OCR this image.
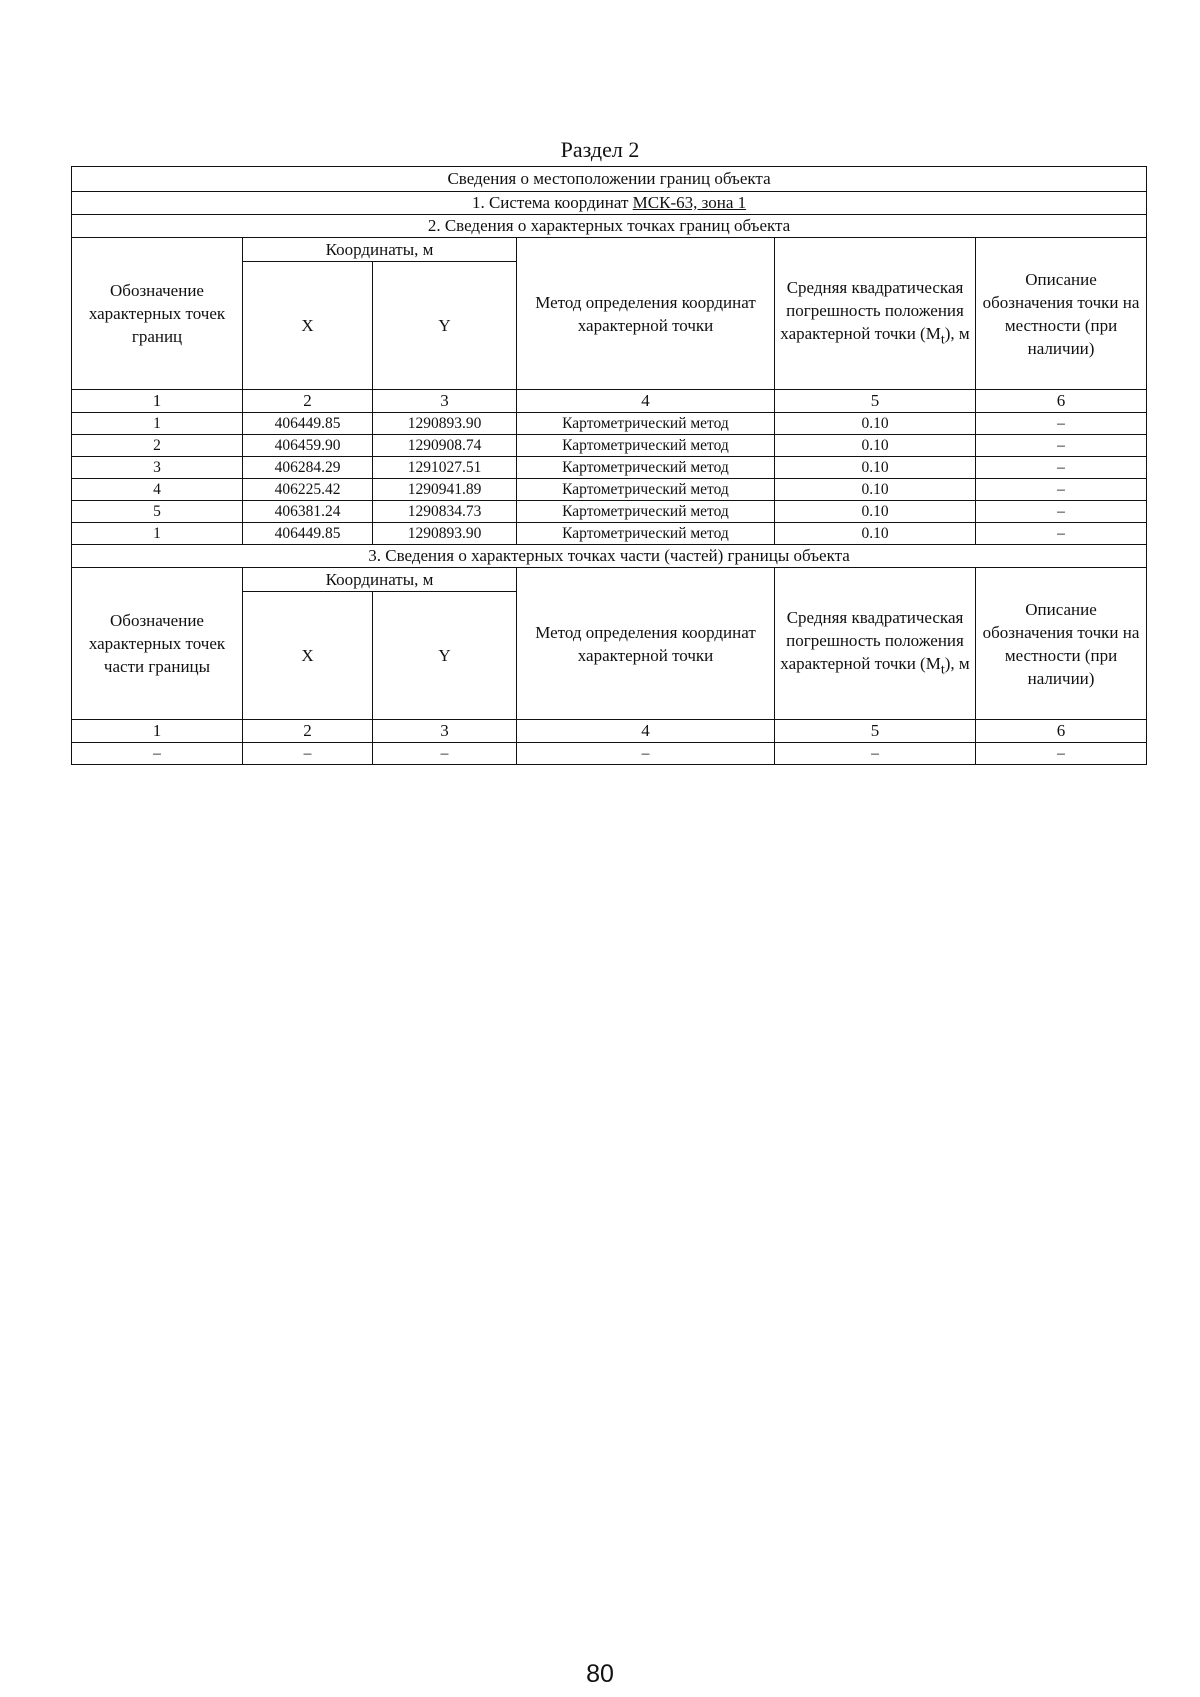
Раздел 2
Сведения о местоположении границ объекта					
1. Система координат МСК-63, зона 1					
2. Сведения о характерных точках границ объекта					
Обозначение характерных точек границ	Координаты, м		Метод определения координат характерной точки	Средняя квадратическая погрешность положения характерной точки $(M_t)$, м	Описание обозначения точки на местности (при наличии)
	X	Y			
1	2	3	4	5	6
1	406449.85	1290893.90	Картометрический метод	0.10	–
2	406459.90	1290908.74	Картометрический метод	0.10	–
3	406284.29	1291027.51	Картометрический метод	0.10	–
4	406225.42	1290941.89	Картометрический метод	0.10	–
5	406381.24	1290834.73	Картометрический метод	0.10	–
1	406449.85	1290893.90	Картометрический метод	0.10	–
3. Сведения о характерных точках части (частей) границы объекта					
Обозначение характерных точек части границы	Координаты, м		Метод определения координат характерной точки	Средняя квадратическая погрешность положения характерной точки $(M_t)$, м	Описание обозначения точки на местности (при наличии)
	X	Y			
1	2	3	4	5	6
–	–	–	–	–	–
80
